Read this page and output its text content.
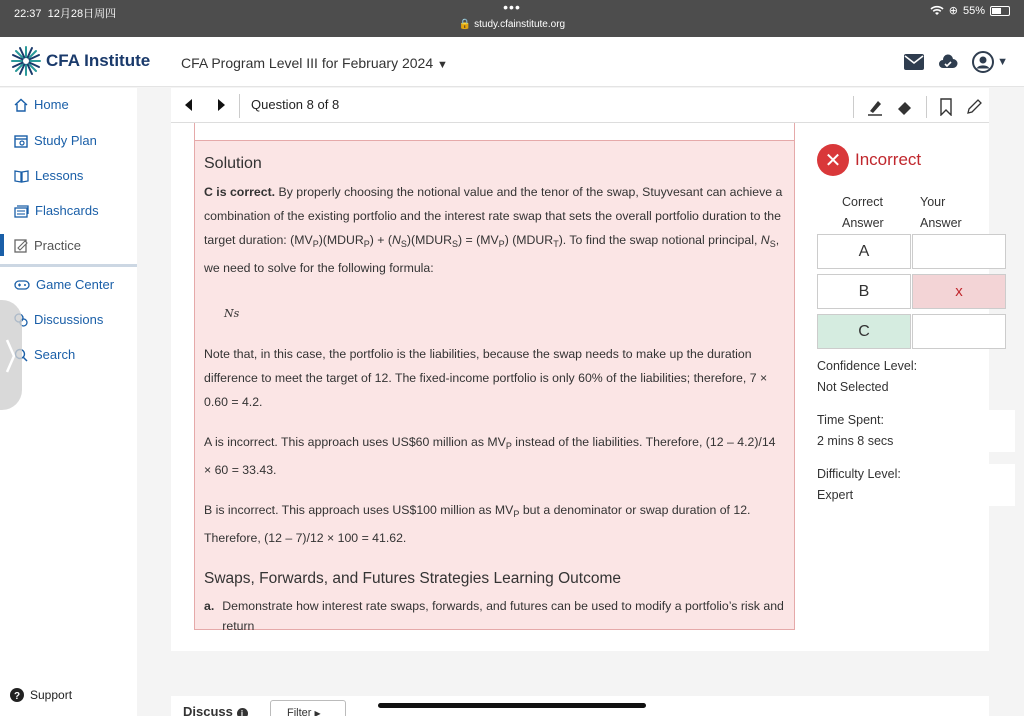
22:37 12月28日周四	•••
🔒 study.cfainstitute.org
⊕ 55%
CFA Institute CFA Program Level III for February 2024 ▼	▼
Home
Study Plan
Lessons
Flashcards
Practice
Game Center
Discussions
Search
? Support
Question 8 of 8
Solution

C is correct. By properly choosing the notional value and the tenor of the swap, Stuyvesant can achieve a combination of the existing portfolio and the interest rate swap that sets the overall portfolio duration to the target duration: $(MV_P)(MDUR_P)$ + $(N_S)(MDUR_S) = (MV_P)$ $(MDUR_T)$. To find the swap notional principal, $N_S$, we need to solve for the following formula:

Ns

Note that, in this case, the portfolio is the liabilities, because the swap needs to make up the duration difference to meet the target of 12. The fixed-income portfolio is only 60% of the liabilities; therefore, 7 × 0.60 = 4.2.

A is incorrect. This approach uses US$60 million as $MV_P$ instead of the liabilities. Therefore, (12 – 4.2)/14 × 60 = 33.43.

B is incorrect. This approach uses US$100 million as $MV_P$ but a denominator or swap duration of 12. Therefore, (12 – 7)/12 × 100 = 41.62.

Swaps, Forwards, and Futures Strategies Learning Outcome
a. Demonstrate how interest rate swaps, forwards, and futures can be used to modify a portfolio’s risk and return
✕ Incorrect
Correct
Answer
Your Answer
A
B	x
C
Confidence Level:
Not Selected
Time Spent:
2 mins 8 secs
Difficulty Level:
Expert
Discuss i	Filter ▶
